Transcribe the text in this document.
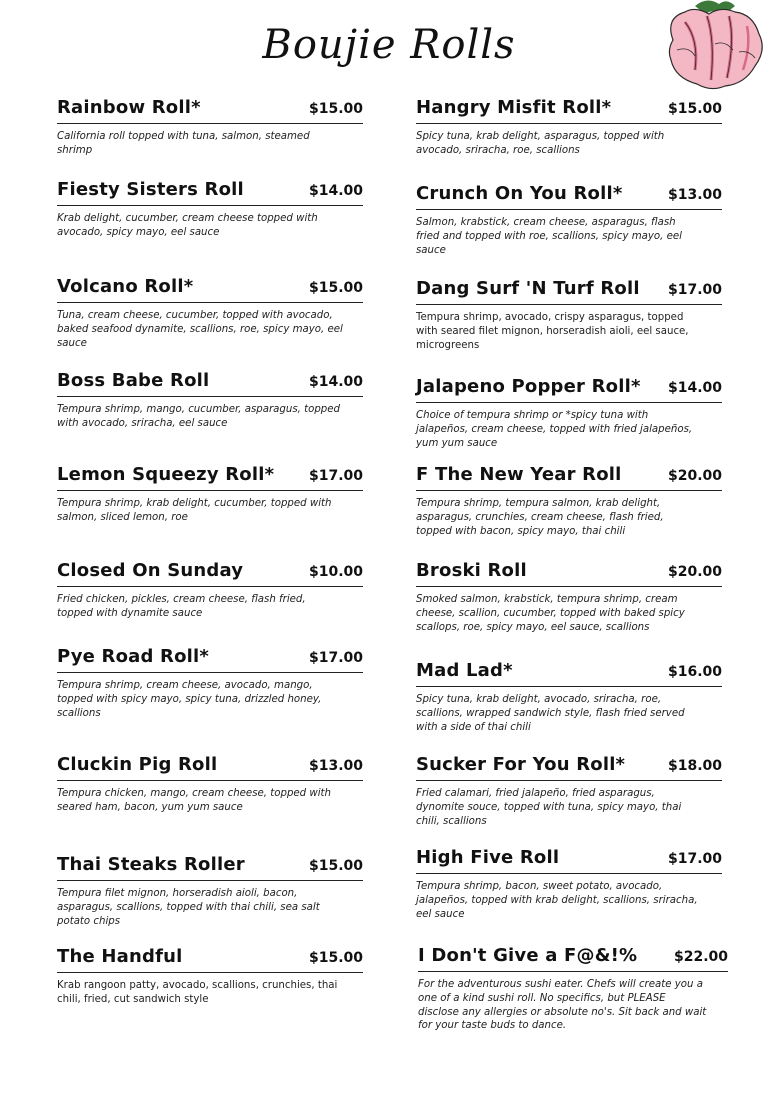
Boujie Rolls
Rainbow Roll*	$15.00
California roll topped with tuna, salmon, steamed shrimp
Fiesty Sisters Roll	$14.00
Krab delight, cucumber, cream cheese topped with avocado, spicy mayo, eel sauce
Volcano Roll*	$15.00
Tuna, cream cheese, cucumber, topped with avocado, baked seafood dynamite, scallions, roe, spicy mayo, eel sauce
Boss Babe Roll	$14.00
Tempura shrimp, mango, cucumber, asparagus, topped with avocado, sriracha, eel sauce
Lemon Squeezy Roll* $17.00
Tempura shrimp, krab delight, cucumber, topped with salmon, sliced lemon, roe
Closed On Sunday	$10.00
Fried chicken, pickles, cream cheese, flash fried, topped with dynamite sauce
Pye Road Roll*	$17.00
Tempura shrimp, cream cheese, avocado, mango, topped with spicy mayo, spicy tuna, drizzled honey, scallions
Cluckin Pig Roll	$13.00
Tempura chicken, mango, cream cheese, topped with seared ham, bacon, yum yum sauce
Thai Steaks Roller	$15.00
Tempura filet mignon, horseradish aioli, bacon, asparagus, scallions, topped with thai chili, sea salt potato chips
The Handful	$15.00
Krab rangoon patty, avocado, scallions, crunchies, thai chili, fried, cut sandwich style
Hangry Misfit Roll*	$15.00
Spicy tuna, krab delight, asparagus, topped with avocado, sriracha, roe, scallions
Crunch On You Roll*	$13.00
Salmon, krabstick, cream cheese, asparagus, flash fried and topped with roe, scallions, spicy mayo, eel sauce
Dang Surf 'N Turf Roll $17.00
Tempura shrimp, avocado, crispy asparagus, topped with seared filet mignon, horseradish aioli, eel sauce, microgreens
Jalapeno Popper Roll* $14.00
Choice of tempura shrimp or *spicy tuna with jalapeños, cream cheese, topped with fried jalapeños, yum yum sauce
F The New Year Roll	$20.00
Tempura shrimp, tempura salmon, krab delight, asparagus, crunchies, cream cheese, flash fried, topped with bacon, spicy mayo, thai chili
Broski Roll	$20.00
Smoked salmon, krabstick, tempura shrimp, cream cheese, scallion, cucumber, topped with baked spicy scallops, roe, spicy mayo, eel sauce, scallions
Mad Lad*	$16.00
Spicy tuna, krab delight, avocado, sriracha, roe, scallions, wrapped sandwich style, flash fried served with a side of thai chili
Sucker For You Roll*	$18.00
Fried calamari, fried jalapeño, fried asparagus, dynomite souce, topped with tuna, spicy mayo, thai chili, scallions
High Five Roll	$17.00
Tempura shrimp, bacon, sweet potato, avocado, jalapeños, topped with krab delight, scallions, sriracha, eel sauce
I Don't Give a F@&!%	$22.00
For the adventurous sushi eater. Chefs will create you a one of a kind sushi roll. No specifics, but PLEASE disclose any allergies or absolute no's. Sit back and wait for your taste buds to dance.
